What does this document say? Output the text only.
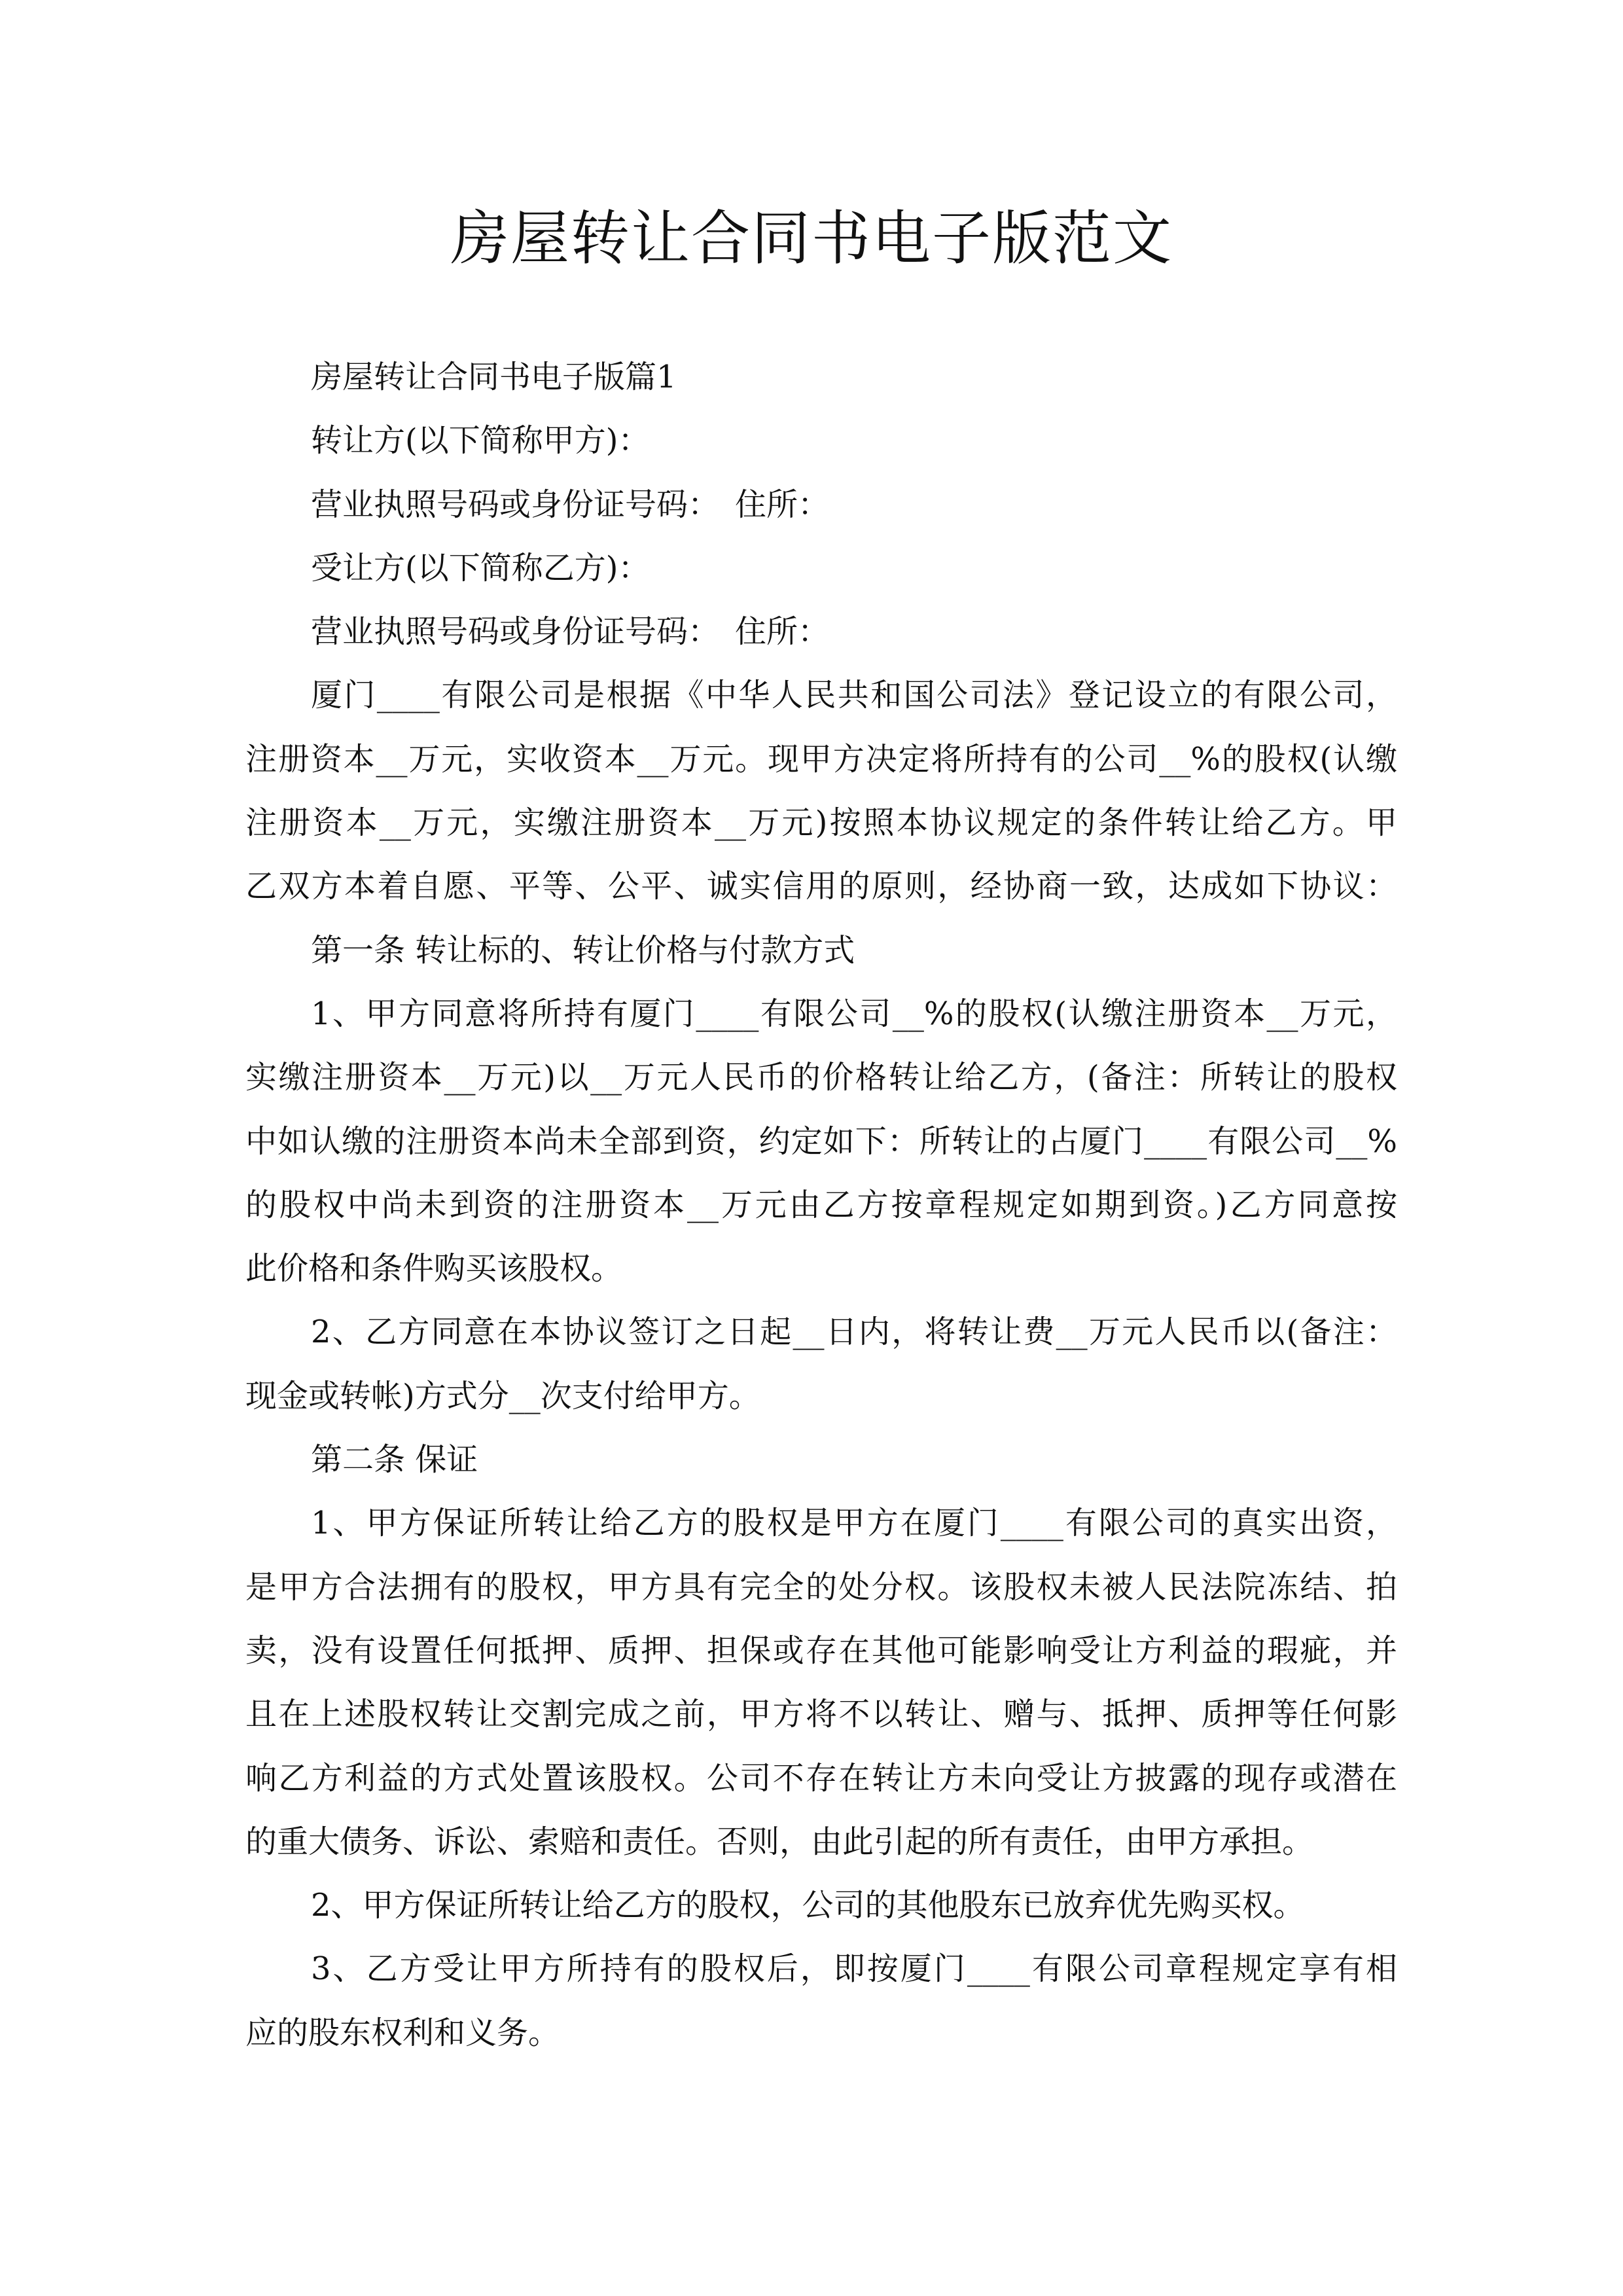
房屋转让合同书电子版范文
房屋转让合同书电子版篇1
转让方(以下简称甲方)：
营业执照号码或身份证号码：　住所：
受让方(以下简称乙方)：
营业执照号码或身份证号码：　住所：
厦门____有限公司是根据《中华人民共和国公司法》登记设立的有限公司，
注册资本__万元，实收资本__万元。现甲方决定将所持有的公司__%的股权(认缴
注册资本__万元，实缴注册资本__万元)按照本协议规定的条件转让给乙方。甲
乙双方本着自愿、平等、公平、诚实信用的原则，经协商一致，达成如下协议：
第一条 转让标的、转让价格与付款方式
1、甲方同意将所持有厦门____有限公司__%的股权(认缴注册资本__万元，
实缴注册资本__万元)以__万元人民币的价格转让给乙方，(备注：所转让的股权
中如认缴的注册资本尚未全部到资，约定如下：所转让的占厦门____有限公司__%
的股权中尚未到资的注册资本__万元由乙方按章程规定如期到资。)乙方同意按
此价格和条件购买该股权。
2、乙方同意在本协议签订之日起__日内，将转让费__万元人民币以(备注：
现金或转帐)方式分__次支付给甲方。
第二条 保证
1、甲方保证所转让给乙方的股权是甲方在厦门____有限公司的真实出资，
是甲方合法拥有的股权，甲方具有完全的处分权。该股权未被人民法院冻结、拍
卖，没有设置任何抵押、质押、担保或存在其他可能影响受让方利益的瑕疵，并
且在上述股权转让交割完成之前，甲方将不以转让、赠与、抵押、质押等任何影
响乙方利益的方式处置该股权。公司不存在转让方未向受让方披露的现存或潜在
的重大债务、诉讼、索赔和责任。否则，由此引起的所有责任，由甲方承担。
2、甲方保证所转让给乙方的股权，公司的其他股东已放弃优先购买权。
3、乙方受让甲方所持有的股权后，即按厦门____有限公司章程规定享有相
应的股东权利和义务。
